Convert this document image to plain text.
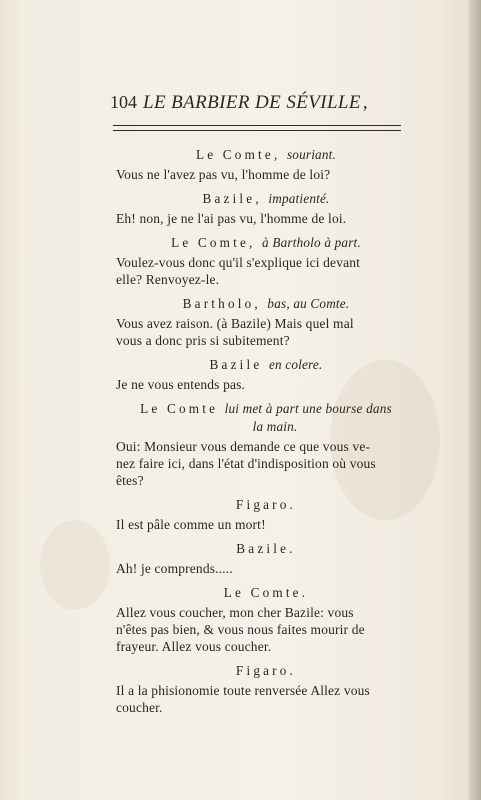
104 LE BARBIER DE SÉVILLE ,

Le Comte, souriant.

Vous ne l'avez pas vu, l'homme de loi?

Bazile, impatienté.

Eh! non, je ne l'ai pas vu, l'homme de loi.

Le Comte, à Bartholo à part.

Voulez-vous donc qu'il s'explique ici devant

elle? Renvoyez-le.

Bartholo, bas, au Comte.

Vous avez raison. (à Bazile) Mais quel mal

vous a donc pris si subitement?

Bazile en colere.

Je ne vous entends pas.

Le Comte lui met à part une bourse dans

la main.

Oui: Monsieur vous demande ce que vous ve-

nez faire ici, dans l'état d'indisposition où vous

êtes?

Figaro.

Il est pâle comme un mort!

Bazile.

Ah! je comprends.....

Le Comte.

Allez vous coucher, mon cher Bazile: vous

n'êtes pas bien, & vous nous faites mourir de

frayeur. Allez vous coucher.

Figaro.

Il a la phisionomie toute renversée Allez vous

coucher.
